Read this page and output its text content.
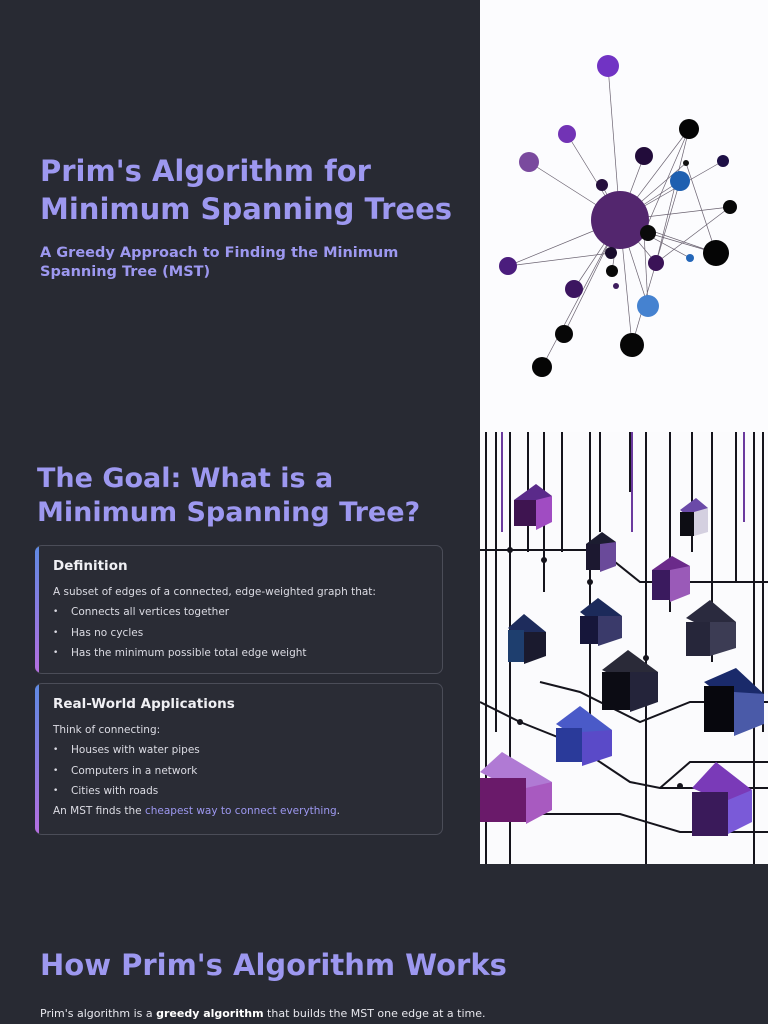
Prim's Algorithm for Minimum Spanning Trees
A Greedy Approach to Finding the Minimum Spanning Tree (MST)
The Goal: What is a Minimum Spanning Tree?
Definition
A subset of edges of a connected, edge-weighted graph that:
• Connects all vertices together
• Has no cycles
• Has the minimum possible total edge weight
Real-World Applications
Think of connecting:
• Houses with water pipes
• Computers in a network
• Cities with roads
An MST finds the cheapest way to connect everything.
How Prim's Algorithm Works

Prim's algorithm is a greedy algorithm that builds the MST one edge at a time.
